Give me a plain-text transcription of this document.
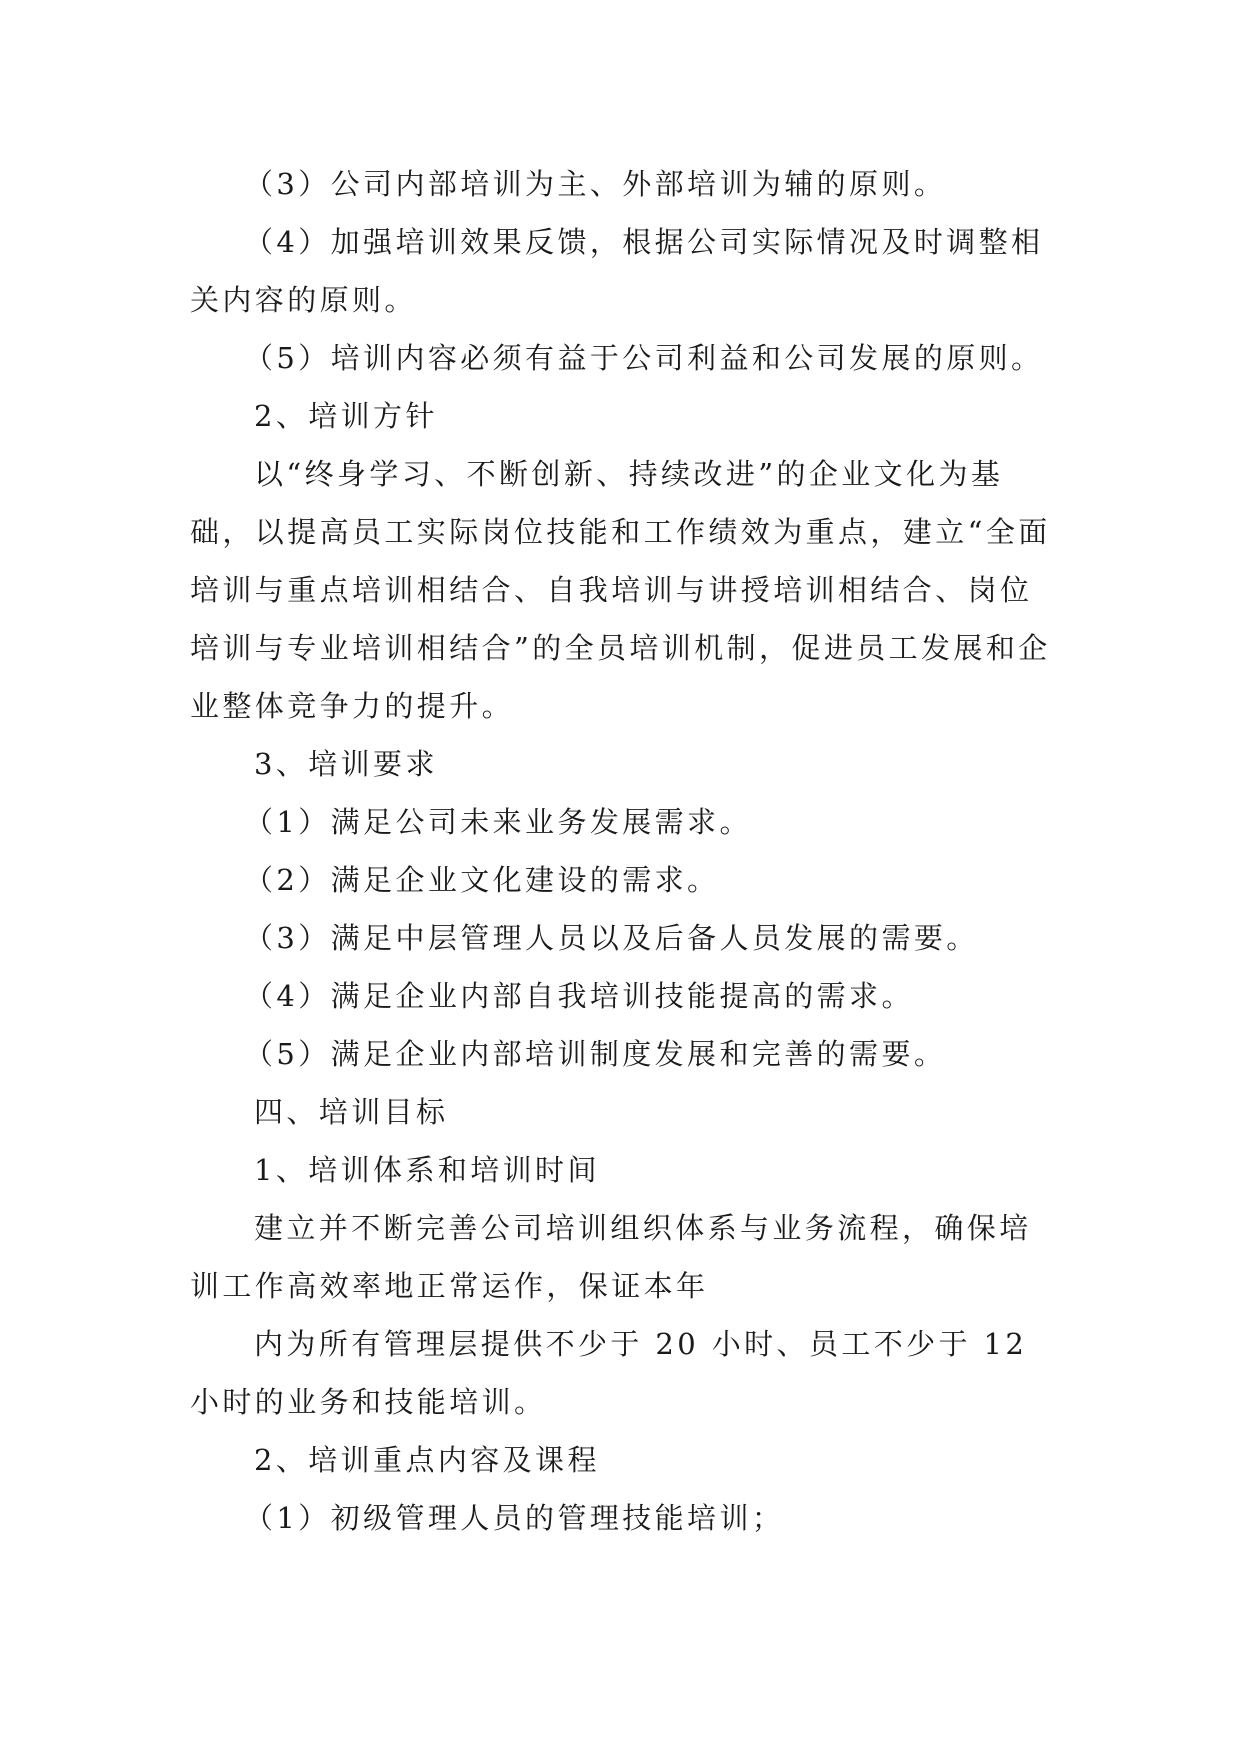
（3）公司内部培训为主、外部培训为辅的原则。

（4）加强培训效果反馈，根据公司实际情况及时调整相关内容的原则。

（5）培训内容必须有益于公司利益和公司发展的原则。

2、培训方针

以“终身学习、不断创新、持续改进”的企业文化为基础，以提高员工实际岗位技能和工作绩效为重点，建立“全面培训与重点培训相结合、自我培训与讲授培训相结合、岗位培训与专业培训相结合”的全员培训机制，促进员工发展和企业整体竞争力的提升。

3、培训要求

（1）满足公司未来业务发展需求。

（2）满足企业文化建设的需求。

（3）满足中层管理人员以及后备人员发展的需要。

（4）满足企业内部自我培训技能提高的需求。

（5）满足企业内部培训制度发展和完善的需要。

四、培训目标

1、培训体系和培训时间

建立并不断完善公司培训组织体系与业务流程，确保培训工作高效率地正常运作，保证本年

内为所有管理层提供不少于 20 小时、员工不少于 12 小时的业务和技能培训。

2、培训重点内容及课程

（1）初级管理人员的管理技能培训；
